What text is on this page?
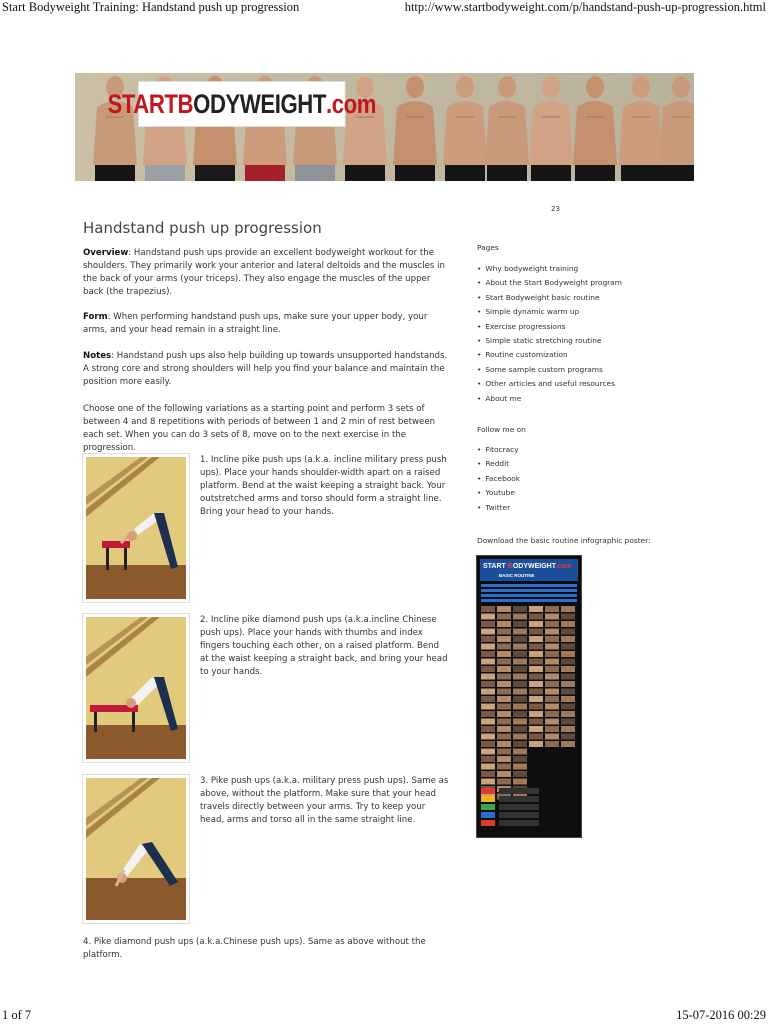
Start Bodyweight Training: Handstand push up progression	http://www.startbodyweight.com/p/handstand-push-up-progression.html
START B ODYWEIGHT .com
23
Handstand push up progression

Overview: Handstand push ups provide an excellent bodyweight workout for the shoulders. They primarily work your anterior and lateral deltoids and the muscles in the back of your arms (your triceps). They also engage the muscles of the upper back (the trapezius).

Form: When performing handstand push ups, make sure your upper body, your arms, and your head remain in a straight line.

Notes: Handstand push ups also help building up towards unsupported handstands. A strong core and strong shoulders will help you find your balance and maintain the position more easily.

Choose one of the following variations as a starting point and perform 3 sets of between 4 and 8 repetitions with periods of between 1 and 2 min of rest between each set. When you can do 3 sets of 8, move on to the next exercise in the progression.

1. Incline pike push ups (a.k.a. incline military press push ups). Place your hands shoulder-width apart on a raised platform. Bend at the waist keeping a straight back. Your outstretched arms and torso should form a straight line. Bring your head to your hands.

2. Incline pike diamond push ups (a.k.a.incline Chinese push ups). Place your hands with thumbs and index fingers touching each other, on a raised platform. Bend at the waist keeping a straight back, and bring your head to your hands.

3. Pike push ups (a.k.a. military press push ups). Same as above, without the platform. Make sure that your head travels directly between your arms. Try to keep your head, arms and torso all in the same straight line.

4. Pike diamond push ups (a.k.a.Chinese push ups). Same as above without the platform.

Pages
• Why bodyweight training
• About the Start Bodyweight program
• Start Bodyweight basic routine
• Simple dynamic warm up
• Exercise progressions
• Simple static stretching routine
• Routine customization
• Some sample custom programs
• Other articles and useful resources
• About me
Follow me on
• Fitocracy
• Reddit
• Facebook
• Youtube
• Twitter
Download the basic routine infographic poster:
START BODYWEIGHT.com
BASIC ROUTINE
1 of 7	15-07-2016 00:29
